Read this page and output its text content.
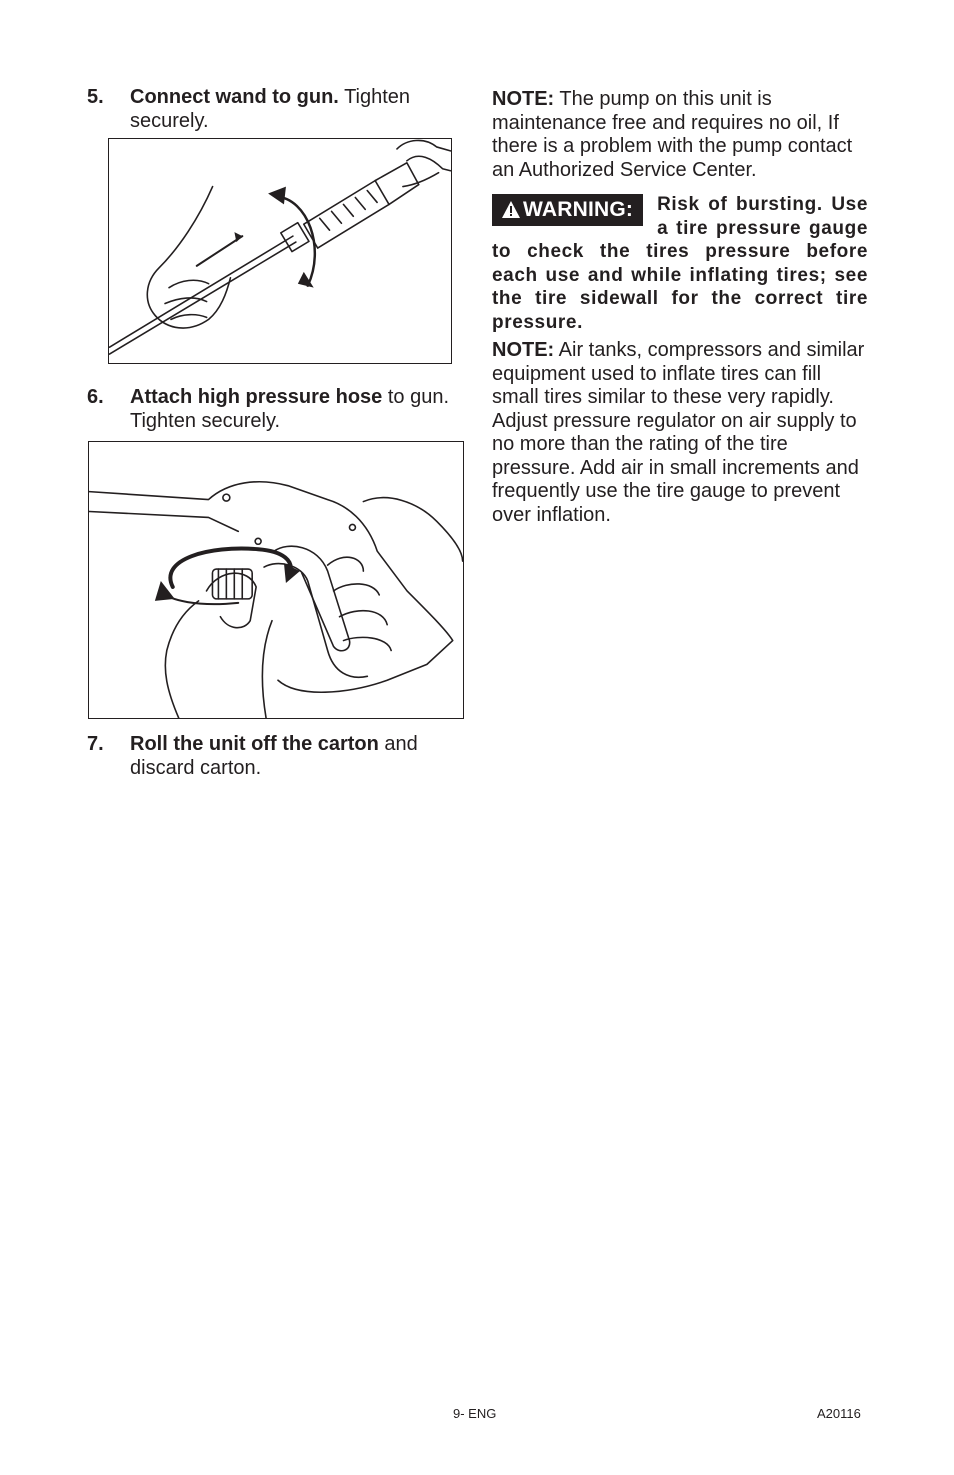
5. Connect wand to gun. Tighten securely.
6. Attach high pressure hose to gun. Tighten securely.
7. Roll the unit off the carton and discard carton.
NOTE: The pump on this unit is maintenance free and requires no oil, If there is a problem with the pump contact an Authorized Service Center.
WARNING:	Risk of bursting. Use a tire pressure gauge to check the tires pressure before each use and while inflating tires; see the tire sidewall for the correct tire pressure.
NOTE: Air tanks, compressors and similar equipment used to inflate tires can fill small tires similar to these very rapidly. Adjust pressure regulator on air supply to no more than the rating of the tire pressure. Add air in small increments and frequently use the tire gauge to prevent over inflation.
9- ENG	A20116
